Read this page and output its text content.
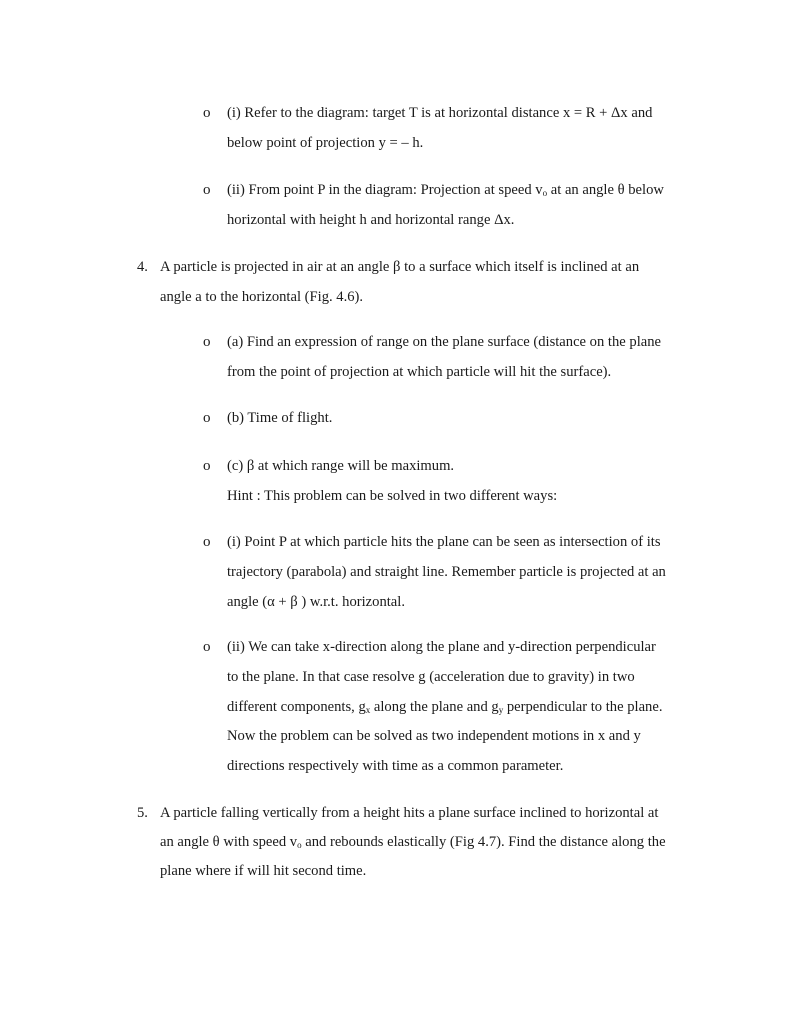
o (i) Refer to the diagram: target T is at horizontal distance x = R + Δx and
below point of projection y = – h.
o (ii) From point P in the diagram: Projection at speed $v_o$ at an angle θ below
horizontal with height h and horizontal range Δx.
4. A particle is projected in air at an angle β to a surface which itself is inclined at an
angle a to the horizontal (Fig. 4.6).
o (a) Find an expression of range on the plane surface (distance on the plane
from the point of projection at which particle will hit the surface).
o (b) Time of flight.
o (c) β at which range will be maximum.
Hint : This problem can be solved in two different ways:
o (i) Point P at which particle hits the plane can be seen as intersection of its
trajectory (parabola) and straight line. Remember particle is projected at an
angle (α + β ) w.r.t. horizontal.
o (ii) We can take x-direction along the plane and y-direction perpendicular
to the plane. In that case resolve g (acceleration due to gravity) in two
different components, $g_x$ along the plane and $g_y$ perpendicular to the plane.
Now the problem can be solved as two independent motions in x and y
directions respectively with time as a common parameter.
5. A particle falling vertically from a height hits a plane surface inclined to horizontal at
an angle θ with speed $v_o$ and rebounds elastically (Fig 4.7). Find the distance along the
plane where if will hit second time.
